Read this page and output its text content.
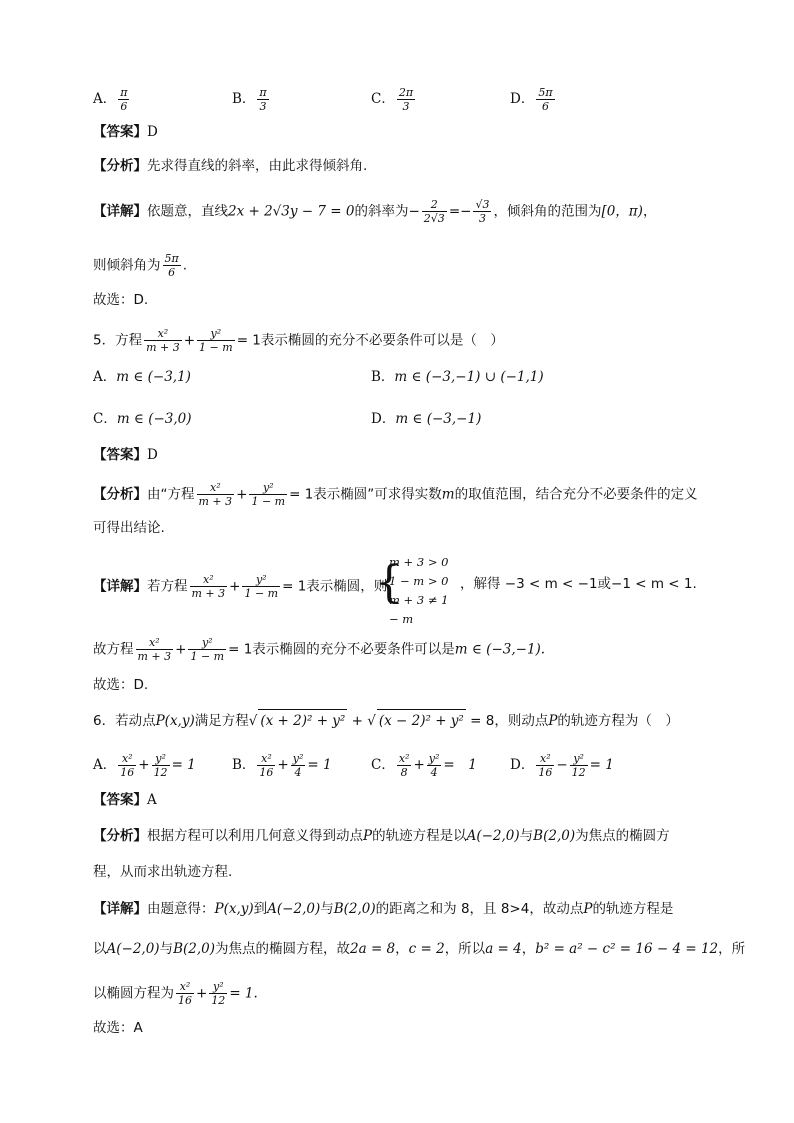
A． $\frac{\pi}{6}$	B． $\frac{\pi}{3}$	C． $\frac{2\pi}{3}$	D． $\frac{5\pi}{6}$
【答案】D
【分析】先求得直线的斜率，由此求得倾斜角.
【详解】依题意，直线2x + 2√3y − 7 = 0的斜率为− $\frac{2}{2√3} =- \frac{√3}{3}$ ，倾斜角的范围为[0，π)，
则倾斜角为 $\frac{5\pi}{6}$ .
故选：D.
5．方程 $\frac{\text{x²}}{m + 3} + \frac{\text{y²}}{1 - m} = 1$表示椭圆的充分不必要条件可以是（　）
A．m ∈ (−3,1)	B．m ∈ (−3,−1) ∪ (−1,1)
C．m ∈ (−3,0)	D．m ∈ (−3,−1)
【答案】D
【分析】由“方程 $\frac{\text{x²}}{m + 3} + \frac{\text{y²}}{1 - m} = 1$表示椭圆”可求得实数m的取值范围，结合充分不必要条件的定义
可得出结论.
【详解】若方程 $\frac{\text{x²}}{m + 3} + \frac{\text{y²}}{1 - m} = 1$表示椭圆，则
{
m + 3 > 0
1 − m > 0
m + 3 ≠ 1 − m
，解得 −3 < m < −1或−1 < m < 1.
故方程 $\frac{\text{x²}}{m + 3} + \frac{\text{y²}}{1 - m} = 1$表示椭圆的充分不必要条件可以是m ∈ (−3,−1).
故选：D.
6．若动点P(x,y)满足方程√ (x + 2)² + y² + √ (x − 2)² + y² = 8，则动点P的轨迹方程为（　）
A． $\frac{\text{x²}}{16} + \frac{\text{y²}}{12} = 1$	B． $\frac{\text{x²}}{16} + \frac{\text{y²}}{4} = 1$	C． $\frac{\text{x²}}{8} + \frac{\text{y²}}{4}$ =　1 D． $\frac{\text{x²}}{16} - \frac{\text{y²}}{12} = 1$
【答案】A
【分析】根据方程可以利用几何意义得到动点P的轨迹方程是以A(−2,0)与B(2,0)为焦点的椭圆方
程，从而求出轨迹方程.
【详解】由题意得：P(x,y)到A(−2,0)与B(2,0)的距离之和为 8，且 8>4，故动点P的轨迹方程是
以A(−2,0)与B(2,0)为焦点的椭圆方程，故2a = 8，c = 2，所以a = 4，b² = a² − c² = 16 − 4 = 12，所
以椭圆方程为 $\frac{\text{x²}}{16} + \frac{\text{y²}}{12} = 1$.
故选：A
